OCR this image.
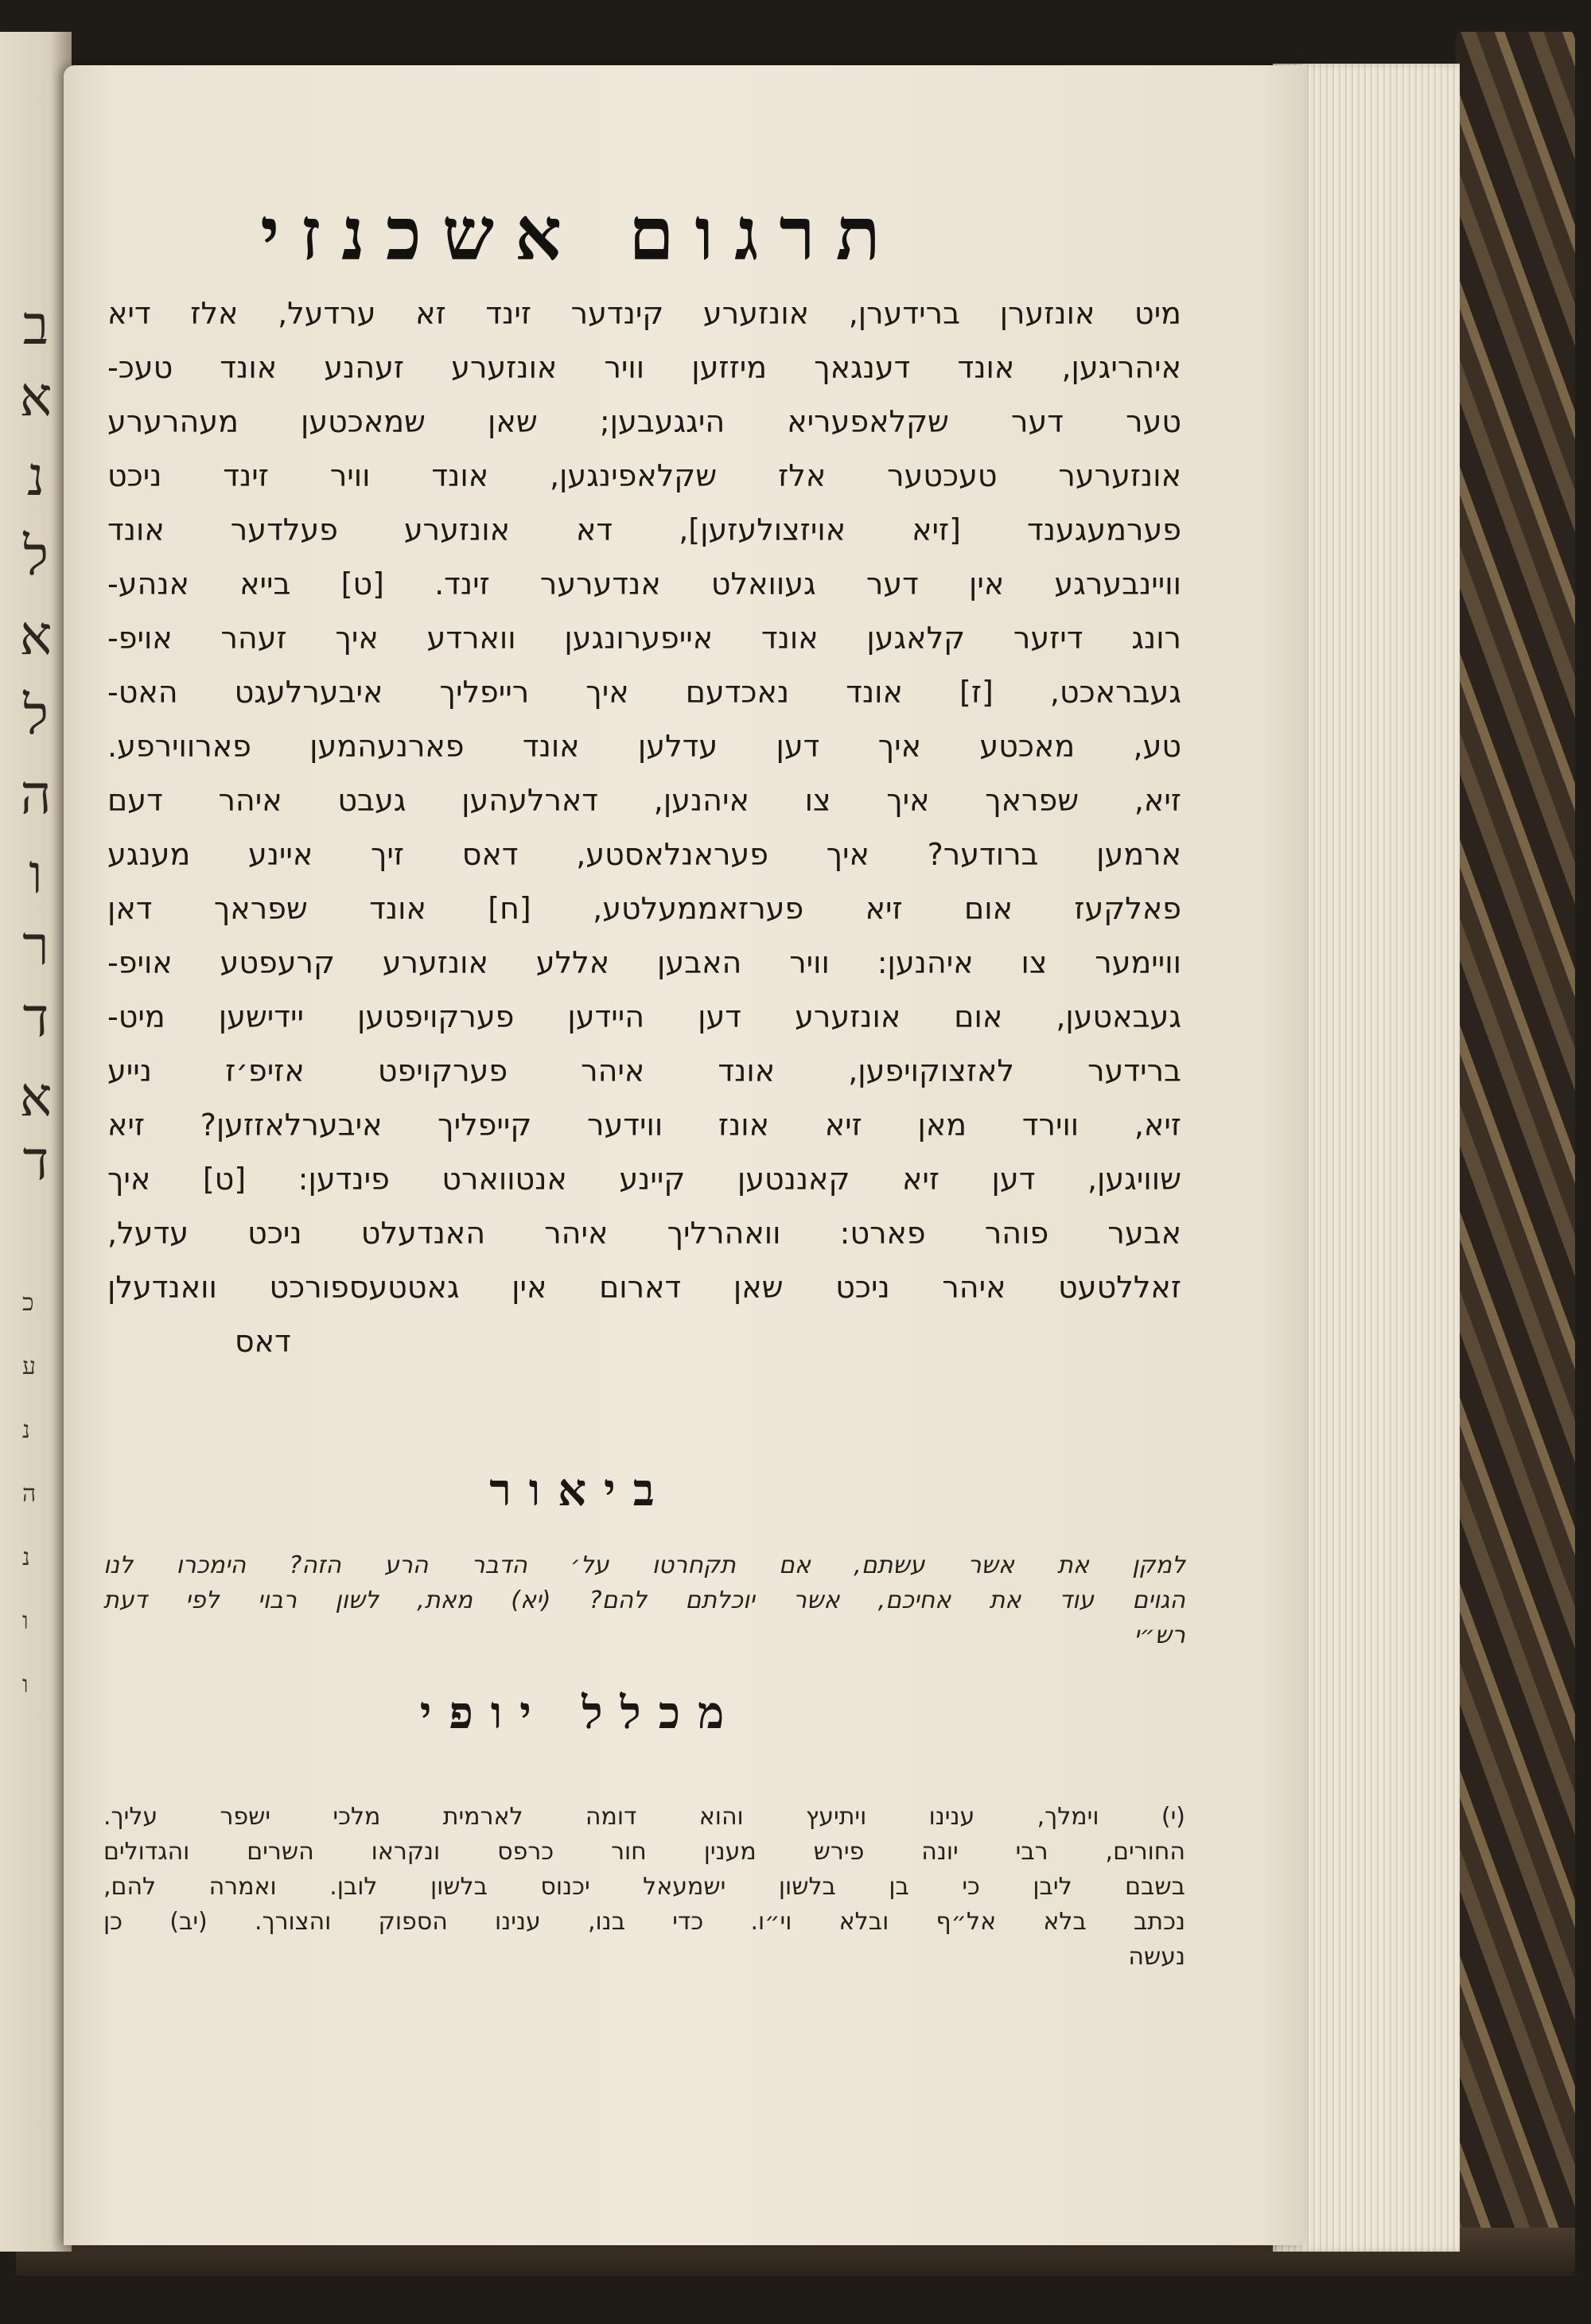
ב
א
נ
ל
א
ל
ה
ו
ר
ד
א
ד
כ
ע
נ
ה
נ
ו
ו
תרגום אשכנזי
מיט אונזערן ברידערן, אונזערע קינדער זינד זא ערדעל, אלז דיא
איהריגען, אונד דענגאך מיזזען וויר אונזערע זעהנע אונד טעכ-
טער דער שקלאפעריא היגגעבען; שאן שמאכטען מעהרערע
אונזערער טעכטער אלז שקלאפינגען, אונד וויר זינד ניכט
פערמעגענד [זיא אויזצולעזען], דא אונזערע פעלדער אונד
וויינבערגע אין דער געוואלט אנדערער זינד. [ט] בייא אנהע-
רונג דיזער קלאגען אונד אייפערונגען ווארדע איך זעהר אויפ-
געבראכט, [ז] אונד נאכדעם איך רייפליך איבערלעגט האט-
טע, מאכטע איך דען עדלען אונד פארנעהמען פארווירפע.
זיא, שפראך איך צו איהנען, דארלעהען געבט איהר דעם
ארמען ברודער? איך פעראנלאסטע, דאס זיך איינע מענגע
פאלקעז אום זיא פערזאממעלטע, [ח] אונד שפראך דאן
וויימער צו איהנען: וויר האבען אללע אונזערע קרעפטע אויפ-
געבאטען, אום אונזערע דען היידען פערקויפטען יידישען מיט-
ברידער לאזצוקויפען, אונד איהר פערקויפט אזיפ׳ז נייע
זיא, ווירד מאן זיא אונז ווידער קייפליך איבערלאזזען? זיא
שוויגען, דען זיא קאננטען קיינע אנטווארט פינדען: [ט] איך
אבער פוהר פארט: וואהרליך איהר האנדעלט ניכט עדעל,
זאללטעט איהר ניכט שאן דארום אין גאטטעספורכט וואנדעלן
דאס
ביאור
למקן את אשר עשתם, אם תקחרטו על׳ הדבר הרע הזה? הימכרו לנו
הגוים עוד את אחיכם, אשר יוכלתם להם? (יא) מאת, לשון רבוי לפי דעת
רש״י
מכלל יופי
(י) וימלך, ענינו ויתיעץ והוא דומה לארמית מלכי ישפר עליך.
החורים, רבי יונה פירש מענין חור כרפס ונקראו השרים והגדולים
בשבם ליבן כי בן בלשון ישמעאל יכנוס בלשון לובן. ואמרה להם,
נכתב בלא אל״ף ובלא וי״ו. כדי בנו, ענינו הספוק והצורך. (יב) כן
נעשה
